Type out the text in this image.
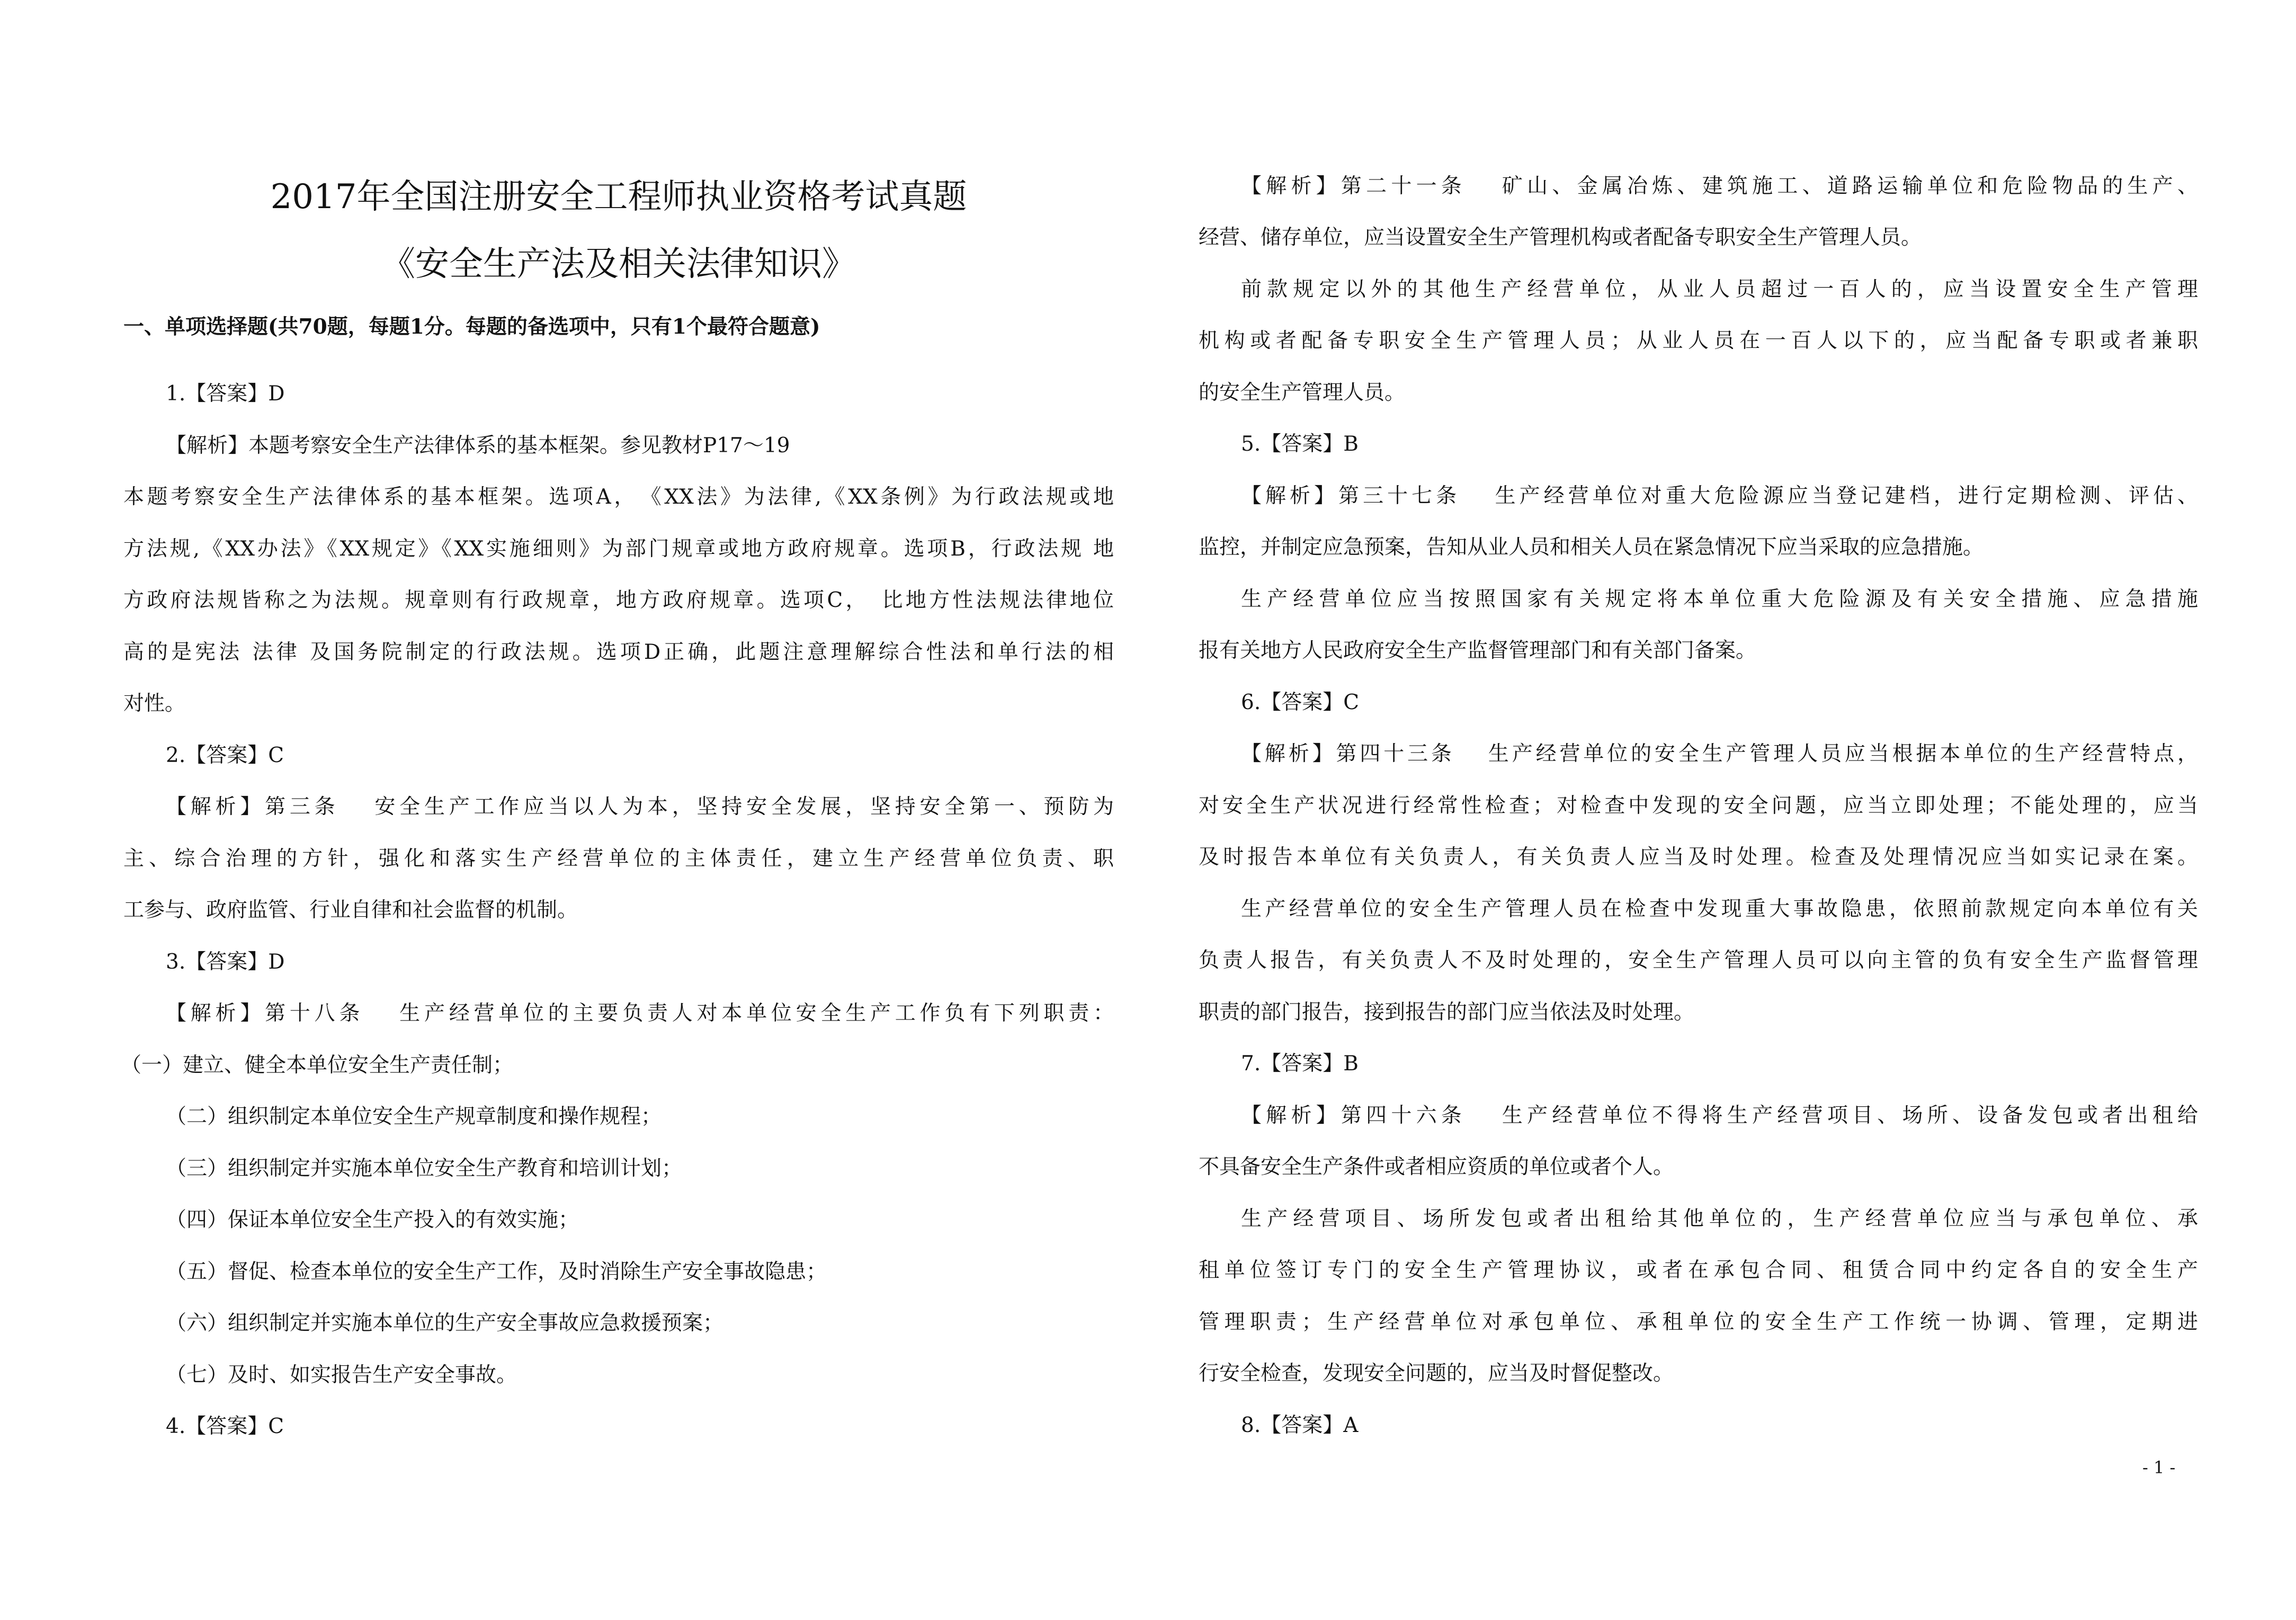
2017年全国注册安全工程师执业资格考试真题
《安全生产法及相关法律知识》
一、单项选择题(共70题，每题1分。每题的备选项中，只有1个最符合题意)
1.【答案】D
【解析】本题考察安全生产法律体系的基本框架。参见教材P17～19
本题考察安全生产法律体系的基本框架。选项A，　《XX法》为法律,《XX条例》为行政法规或地
方法规,《XX办法》《XX规定》《XX实施细则》为部门规章或地方政府规章。选项B，行政法规 地
方政府法规皆称之为法规。规章则有行政规章，地方政府规章。选项C，　比地方性法规法律地位
高的是宪法 法律 及国务院制定的行政法规。选项D正确，此题注意理解综合性法和单行法的相
对性。
2.【答案】C
【解析】第三条　 安全生产工作应当以人为本，坚持安全发展，坚持安全第一、预防为
主、综合治理的方针，强化和落实生产经营单位的主体责任，建立生产经营单位负责、职
工参与、政府监管、行业自律和社会监督的机制。
3.【答案】D
【解析】第十八条　 生产经营单位的主要负责人对本单位安全生产工作负有下列职责：
（一）建立、健全本单位安全生产责任制；
（二）组织制定本单位安全生产规章制度和操作规程；
（三）组织制定并实施本单位安全生产教育和培训计划；
（四）保证本单位安全生产投入的有效实施；
（五）督促、检查本单位的安全生产工作，及时消除生产安全事故隐患；
（六）组织制定并实施本单位的生产安全事故应急救援预案；
（七）及时、如实报告生产安全事故。
4.【答案】C
【解析】第二十一条　 矿山、金属冶炼、建筑施工、道路运输单位和危险物品的生产、
经营、储存单位，应当设置安全生产管理机构或者配备专职安全生产管理人员。
前款规定以外的其他生产经营单位，从业人员超过一百人的，应当设置安全生产管理
机构或者配备专职安全生产管理人员；从业人员在一百人以下的，应当配备专职或者兼职
的安全生产管理人员。
5.【答案】B
【解析】第三十七条　 生产经营单位对重大危险源应当登记建档，进行定期检测、评估、
监控，并制定应急预案，告知从业人员和相关人员在紧急情况下应当采取的应急措施。
生产经营单位应当按照国家有关规定将本单位重大危险源及有关安全措施、应急措施
报有关地方人民政府安全生产监督管理部门和有关部门备案。
6.【答案】C
【解析】第四十三条　 生产经营单位的安全生产管理人员应当根据本单位的生产经营特点，
对安全生产状况进行经常性检查；对检查中发现的安全问题，应当立即处理；不能处理的，应当
及时报告本单位有关负责人，有关负责人应当及时处理。检查及处理情况应当如实记录在案。
生产经营单位的安全生产管理人员在检查中发现重大事故隐患，依照前款规定向本单位有关
负责人报告，有关负责人不及时处理的，安全生产管理人员可以向主管的负有安全生产监督管理
职责的部门报告，接到报告的部门应当依法及时处理。
7.【答案】B
【解析】第四十六条　 生产经营单位不得将生产经营项目、场所、设备发包或者出租给
不具备安全生产条件或者相应资质的单位或者个人。
生产经营项目、场所发包或者出租给其他单位的，生产经营单位应当与承包单位、承
租单位签订专门的安全生产管理协议，或者在承包合同、租赁合同中约定各自的安全生产
管理职责；生产经营单位对承包单位、承租单位的安全生产工作统一协调、管理，定期进
行安全检查，发现安全问题的，应当及时督促整改。
8.【答案】A
- 1 -
